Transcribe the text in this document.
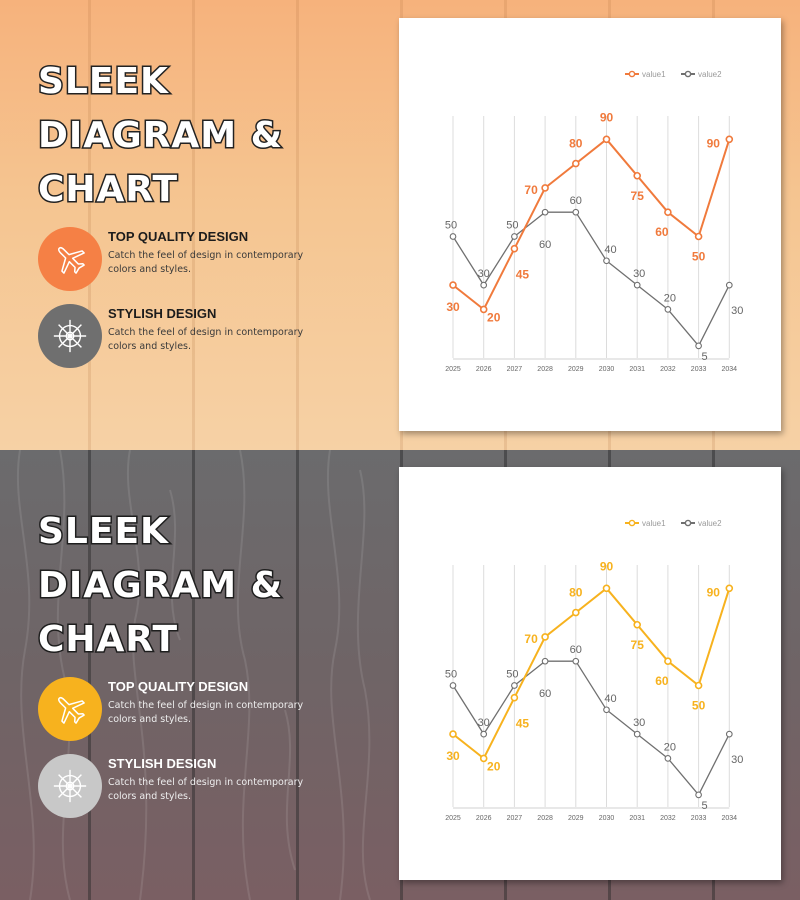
SLEEK
DIAGRAM &
CHART
TOP QUALITY DESIGN
Catch the feel of design in contemporary colors and styles.
STYLISH DESIGN
Catch the feel of design in contemporary colors and styles.
2025 2026 2027 2028 2029 2030 2031 2032 2033 2034
value1	value2
30
20
45
70
80
90
75
60
50
90
50
30
50
60
60
40
30
20
5
30
SLEEK
DIAGRAM &
CHART
TOP QUALITY DESIGN
Catch the feel of design in contemporary colors and styles.
STYLISH DESIGN
Catch the feel of design in contemporary colors and styles.
2025 2026 2027 2028 2029 2030 2031 2032 2033 2034
value1	value2
30
20
45
70
80
90
75
60
50
90
50
30
50
60
60
40
30
20
5
30
